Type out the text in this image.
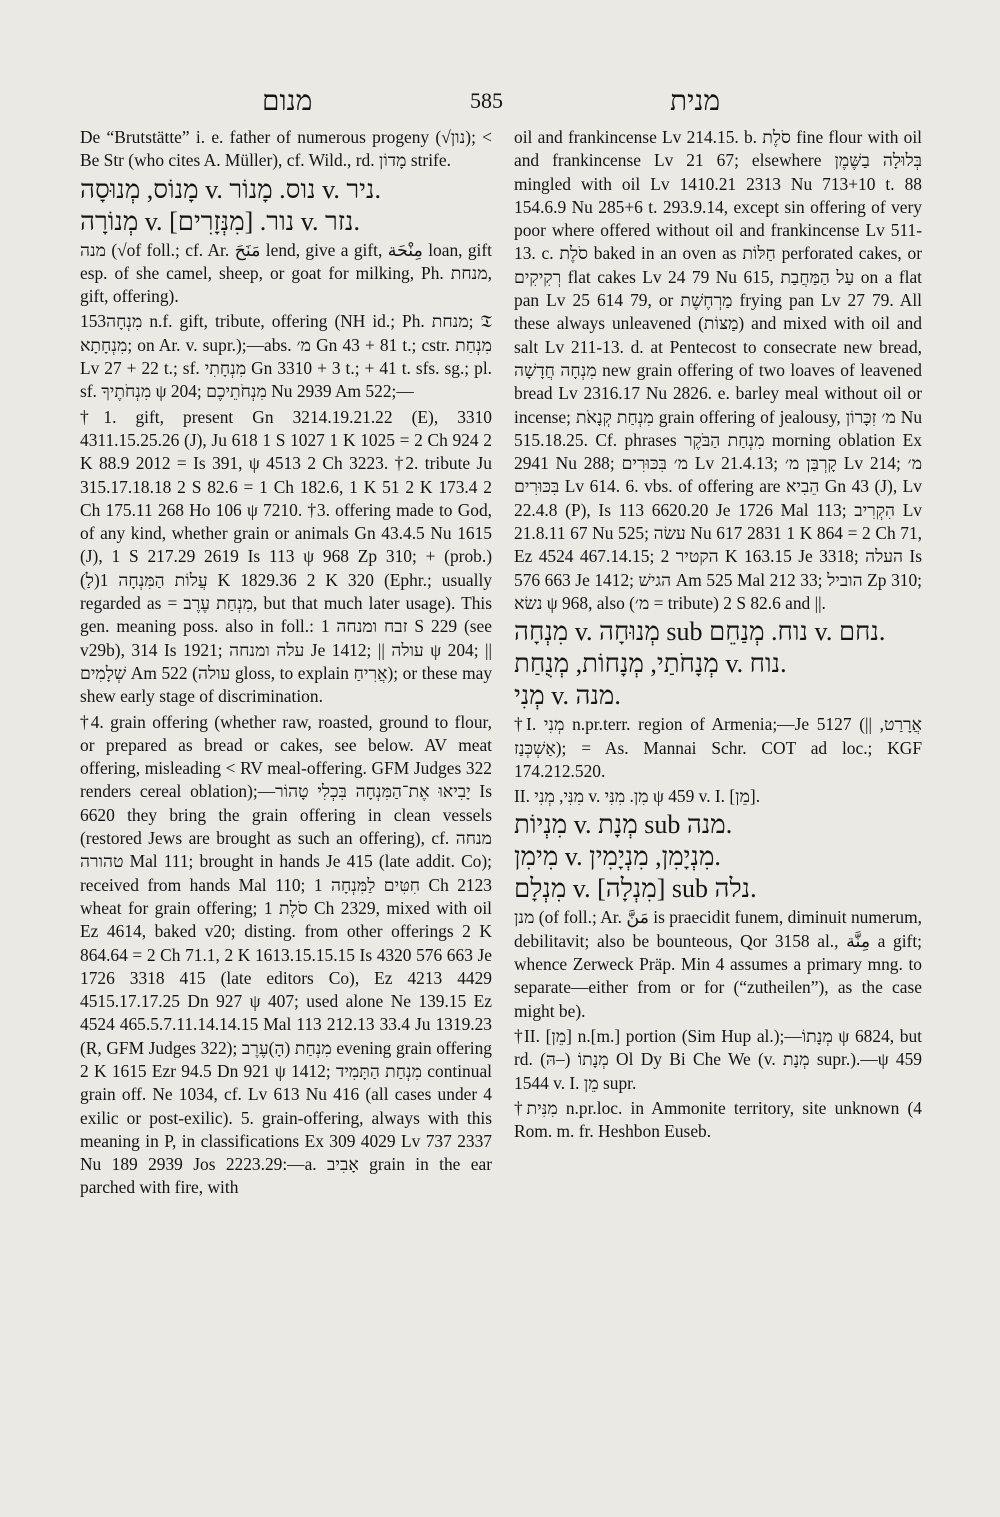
מנום	585	מנית

De “Brutstätte” i. e. father of numerous progeny (√נון); < Be Str (who cites A. Müller), cf. Wild., rd. מָדוֹן strife.

מָנוֹס, מְנוּסָה v. נוס. מָנוֹר v. ניר.

מְנוֹרָה v. נור. [מִנְּזָרִים] v. נזר.

מנה (√of foll.; cf. Ar. مَنَحَ lend, give a gift, مِنْحَة loan, gift esp. of she camel, sheep, or goat for milking, Ph. מנחת, gift, offering).

מִנְחָה153 n.f. gift, tribute, offering (NH id.; Ph. מנחת; 𝔗 מִנְחָתָא; on Ar. v. supr.);—abs. מ׳ Gn 43 + 81 t.; cstr. מִנְחַת Lv 27 + 22 t.; sf. מִנְחָתִי Gn 3310 + 3 t.; + 41 t. sfs. sg.; pl. sf. מִנְחֹתֶיךָ ψ 204; מִנְחֹתֵיכֶם Nu 2939 Am 522;—

†1. gift, present Gn 3214.19.21.22 (E), 3310 4311.15.25.26 (J), Ju 618 1 S 1027 1 K 1025 = 2 Ch 924 2 K 88.9 2012 = Is 391, ψ 4513 2 Ch 3223. †2. tribute Ju 315.17.18.18 2 S 82.6 = 1 Ch 182.6, 1 K 51 2 K 173.4 2 Ch 175.11 268 Ho 106 ψ 7210. †3. offering made to God, of any kind, whether grain or animals Gn 43.4.5 Nu 1615 (J), 1 S 217.29 2619 Is 113 ψ 968 Zp 310; + (prob.) (לַ)עֲלוֹת הַמִּנְחָה 1 K 1829.36 2 K 320 (Ephr.; usually regarded as = מִנְחַת עֶרֶב, but that much later usage). This gen. meaning poss. also in foll.: זבח ומנחה 1 S 229 (see v29b), 314 Is 1921; עלה ומנחה Je 1412; || עולה ψ 204; || שְׁלָמִים Am 522 (עולה gloss, to explain אֲרִיחַ); or these may shew early stage of discrimination.

†4. grain offering (whether raw, roasted, ground to flour, or prepared as bread or cakes, see below. AV meat offering, misleading < RV meal-offering. GFM Judges 322 renders cereal oblation);—יָבִיאוּ אֶת־הַמִּנְחָה בִּכְלִי טָהוֹר Is 6620 they bring the grain offering in clean vessels (restored Jews are brought as such an offering), cf. מנחה טהורה Mal 111; brought in hands Je 415 (late addit. Co); received from hands Mal 110; חִטִּים לַמִּנְחָה 1 Ch 2123 wheat for grain offering; סֹלֶת 1 Ch 2329, mixed with oil Ez 4614, baked v20; disting. from other offerings 2 K 864.64 = 2 Ch 71.1, 2 K 1613.15.15.15 Is 4320 576 663 Je 1726 3318 415 (late editors Co), Ez 4213 4429 4515.17.17.25 Dn 927 ψ 407; used alone Ne 139.15 Ez 4524 465.5.7.11.14.14.15 Mal 113 212.13 33.4 Ju 1319.23 (R, GFM Judges 322); מִנְחַת (הָ)עֶרֶב evening grain offering 2 K 1615 Ezr 94.5 Dn 921 ψ 1412; מִנְחַת הַתָּמִיד continual grain off. Ne 1034, cf. Lv 613 Nu 416 (all cases under 4 exilic or post-exilic). 5. grain-offering, always with this meaning in P, in classifications Ex 309 4029 Lv 737 2337 Nu 189 2939 Jos 2223.29:—a. אָבִיב grain in the ear parched with fire, with

oil and frankincense Lv 214.15. b. סֹלֶת fine flour with oil and frankincense Lv 21 67; elsewhere בְּלוּלָה בַשֶּׁמֶן mingled with oil Lv 1410.21 2313 Nu 713+10 t. 88 154.6.9 Nu 285+6 t. 293.9.14, except sin offering of very poor where offered without oil and frankincense Lv 511-13. c. סֹלֶת baked in an oven as חַלּוֹת perforated cakes, or רְקִיקִים flat cakes Lv 24 79 Nu 615, עַל הַמַּחֲבַת on a flat pan Lv 25 614 79, or מַרְחֶשֶׁת frying pan Lv 27 79. All these always unleavened (מַצּוֹת) and mixed with oil and salt Lv 211-13. d. at Pentecost to consecrate new bread, מִנְחָה חֲדָשָׁה new grain offering of two loaves of leavened bread Lv 2316.17 Nu 2826. e. barley meal without oil or incense; מִנְחַת קְנָאֹת grain offering of jealousy, מ׳ זִכָּרוֹן Nu 515.18.25. Cf. phrases מִנְחַת הַבֹּקֶר morning oblation Ex 2941 Nu 288; מ׳ בִּכּוּרִים Lv 21.4.13; קָרְבַּן מ׳ Lv 214; מ׳ בִּכּוּרִים Lv 614. 6. vbs. of offering are הֵבִיא Gn 43 (J), Lv 22.4.8 (P), Is 113 6620.20 Je 1726 Mal 113; הִקְרִיב Lv 21.8.11 67 Nu 525; עשׂה Nu 617 2831 1 K 864 = 2 Ch 71, Ez 4524 467.14.15; הקטיר 2 K 163.15 Je 3318; העלה Is 576 663 Je 1412; הגישׁ Am 525 Mal 212 33; הוביל Zp 310; נשׂא ψ 968, also (מ׳ = tribute) 2 S 82.6 and ||.

מִנְחָה v. מְנוּחָה sub נוח. מְנַחֵם v. נחם.

מְנָחֹתַי, מְנָחוֹת, מְנֻחַת v. נוח.

מְנִי v. מנה.

†I. מְנִי n.pr.terr. region of Armenia;—Je 5127 (|| אֲרָרַט, אַשְׁכְּנַז); = As. Mannai Schr. COT ad loc.; KGF 174.212.520.

II. מִנִּי, מְנִי v. מִן. מִנִּי ψ 459 v. I. [מֵן].

מִנְיוֹת v. מְנָת sub מנה.

מִימִן v. מִנְיָמִן, מִנְיָמִין.

מִנְלָם v. [מִנְלָה] sub נלה.

מנן (of foll.; Ar. مَنَّ is praecidit funem, diminuit numerum, debilitavit; also be bounteous, Qor 3158 al., مِنَّة a gift; whence Zerweck Präp. Min 4 assumes a primary mng. to separate—either from or for (“zutheilen”), as the case might be).

†II. [מֵן] n.[m.] portion (Sim Hup al.);—מְנָתוֹ ψ 6824, but rd. (הּ–) מְנָתוֹ Ol Dy Bi Che We (v. מְנָת supr.).—ψ 459 1544 v. I. מֵן supr.

†מִנִּית n.pr.loc. in Ammonite territory, site unknown (4 Rom. m. fr. Heshbon Euseb.
